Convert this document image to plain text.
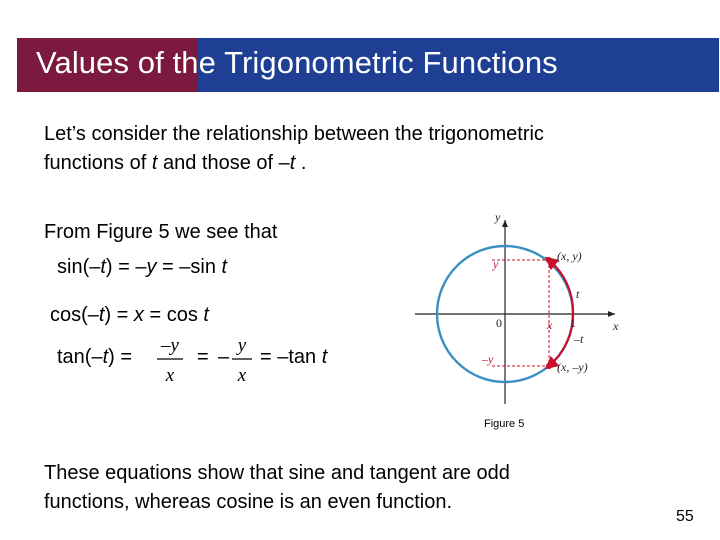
Values of the Trigonometric Functions
Let’s consider the relationship between the trigonometric
functions of t and those of –t .
From Figure 5 we see that
sin(–t) = –y = –sin t
cos(–t) = x = cos t
tan(–t) =
–y
x
= –
y
x
= –tan t
y
x
(x, y)
(x, –y)
t
–t
x
y
–y
0	1
Figure 5
These equations show that sine and tangent are odd
functions, whereas cosine is an even function.
55
